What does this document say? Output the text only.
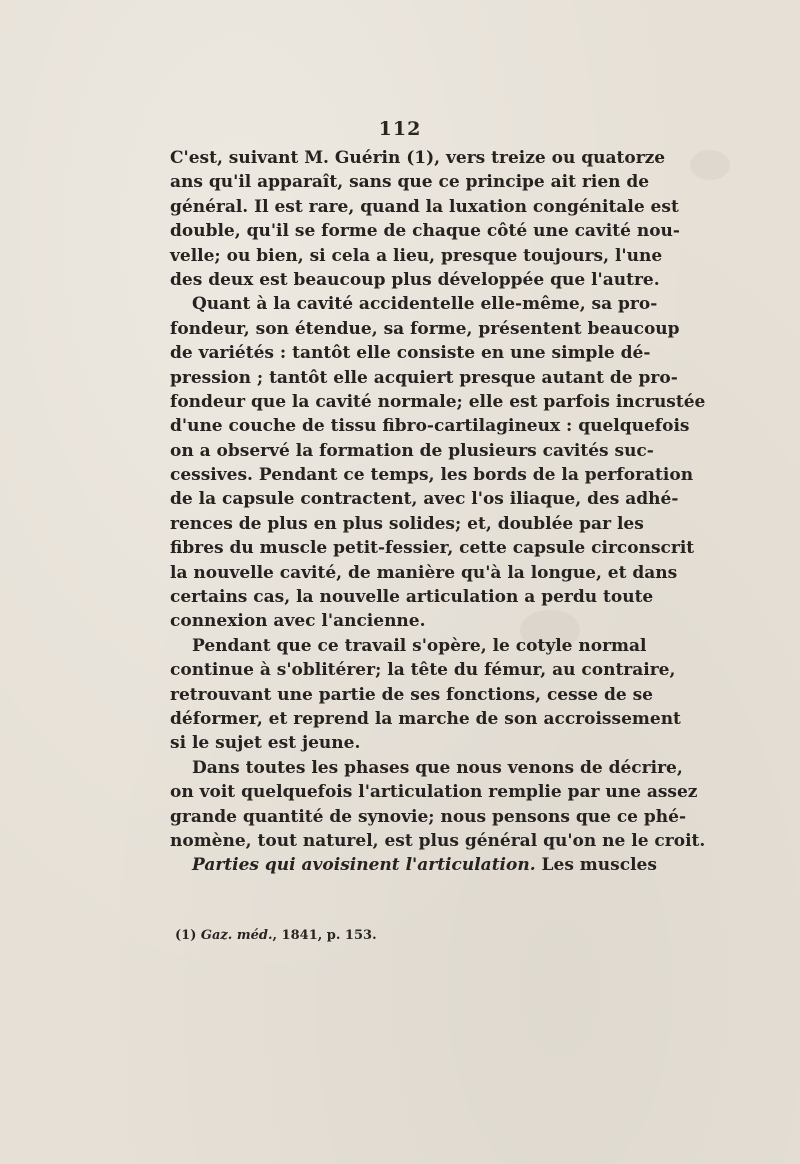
112
C'est, suivant M. Guérin (1), vers treize ou quatorze
ans qu'il apparaît, sans que ce principe ait rien de
général. Il est rare, quand la luxation congénitale est
double, qu'il se forme de chaque côté une cavité nou-
velle; ou bien, si cela a lieu, presque toujours, l'une
des deux est beaucoup plus développée que l'autre.
Quant à la cavité accidentelle elle-même, sa pro-
fondeur, son étendue, sa forme, présentent beaucoup
de variétés : tantôt elle consiste en une simple dé-
pression ; tantôt elle acquiert presque autant de pro-
fondeur que la cavité normale; elle est parfois incrustée
d'une couche de tissu fibro-cartilagineux : quelquefois
on a observé la formation de plusieurs cavités suc-
cessives. Pendant ce temps, les bords de la perforation
de la capsule contractent, avec l'os iliaque, des adhé-
rences de plus en plus solides; et, doublée par les
fibres du muscle petit-fessier, cette capsule circonscrit
la nouvelle cavité, de manière qu'à la longue, et dans
certains cas, la nouvelle articulation a perdu toute
connexion avec l'ancienne.
Pendant que ce travail s'opère, le cotyle normal
continue à s'oblitérer; la tête du fémur, au contraire,
retrouvant une partie de ses fonctions, cesse de se
déformer, et reprend la marche de son accroissement
si le sujet est jeune.
Dans toutes les phases que nous venons de décrire,
on voit quelquefois l'articulation remplie par une assez
grande quantité de synovie; nous pensons que ce phé-
nomène, tout naturel, est plus général qu'on ne le croit.
Parties qui avoisinent l'articulation. Les muscles
(1) Gaz. méd., 1841, p. 153.
